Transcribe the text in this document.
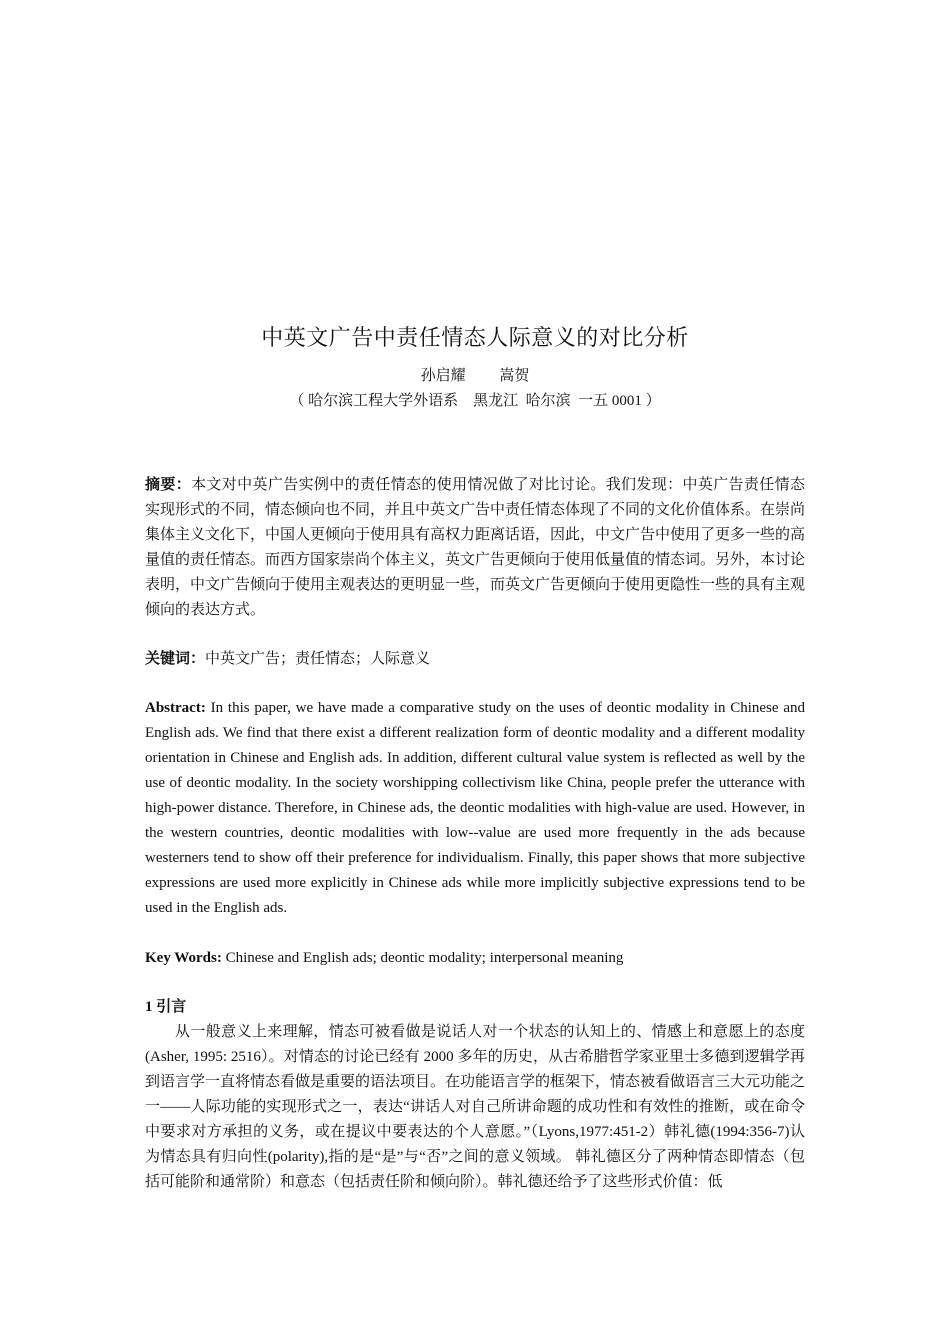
中英文广告中责任情态人际意义的对比分析
孙启耀 　　嵩贺
（ 哈尔滨工程大学外语系　黑龙江  哈尔滨  一五 0001 ）
摘要：本文对中英广告实例中的责任情态的使用情况做了对比讨论。我们发现：中英广告责任情态实现形式的不同，情态倾向也不同，并且中英文广告中责任情态体现了不同的文化价值体系。在崇尚集体主义文化下，中国人更倾向于使用具有高权力距离话语，因此，中文广告中使用了更多一些的高量值的责任情态。而西方国家崇尚个体主义，英文广告更倾向于使用低量值的情态词。另外，本讨论表明，中文广告倾向于使用主观表达的更明显一些，而英文广告更倾向于使用更隐性一些的具有主观倾向的表达方式。
关键词：中英文广告；责任情态；人际意义
Abstract: In this paper, we have made a comparative study on the uses of deontic modality in Chinese and English ads. We find that there exist a different realization form of deontic modality and a different modality orientation in Chinese and English ads. In addition, different cultural value system is reflected as well by the use of deontic modality. In the society worshipping collectivism like China, people prefer the utterance with high-power distance. Therefore, in Chinese ads, the deontic modalities with high-value are used. However, in the western countries, deontic modalities with low--value are used more frequently in the ads because westerners tend to show off their preference for individualism. Finally, this paper shows that more subjective expressions are used more explicitly in Chinese ads while more implicitly subjective expressions tend to be used in the English ads.
Key Words: Chinese and English ads; deontic modality; interpersonal meaning
1 引言
从一般意义上来理解，情态可被看做是说话人对一个状态的认知上的、情感上和意愿上的态度 (Asher, 1995: 2516）。对情态的讨论已经有 2000 多年的历史，从古希腊哲学家亚里士多德到逻辑学再到语言学一直将情态看做是重要的语法项目。在功能语言学的框架下，情态被看做语言三大元功能之一——人际功能的实现形式之一，表达“讲话人对自己所讲命题的成功性和有效性的推断，或在命令中要求对方承担的义务，或在提议中要表达的个人意愿。”（Lyons,1977:451-2）韩礼德(1994:356-7)认为情态具有归向性(polarity),指的是“是”与“否”之间的意义领域。 韩礼德区分了两种情态即情态（包括可能阶和通常阶）和意态（包括责任阶和倾向阶）。韩礼德还给予了这些形式价值：低
